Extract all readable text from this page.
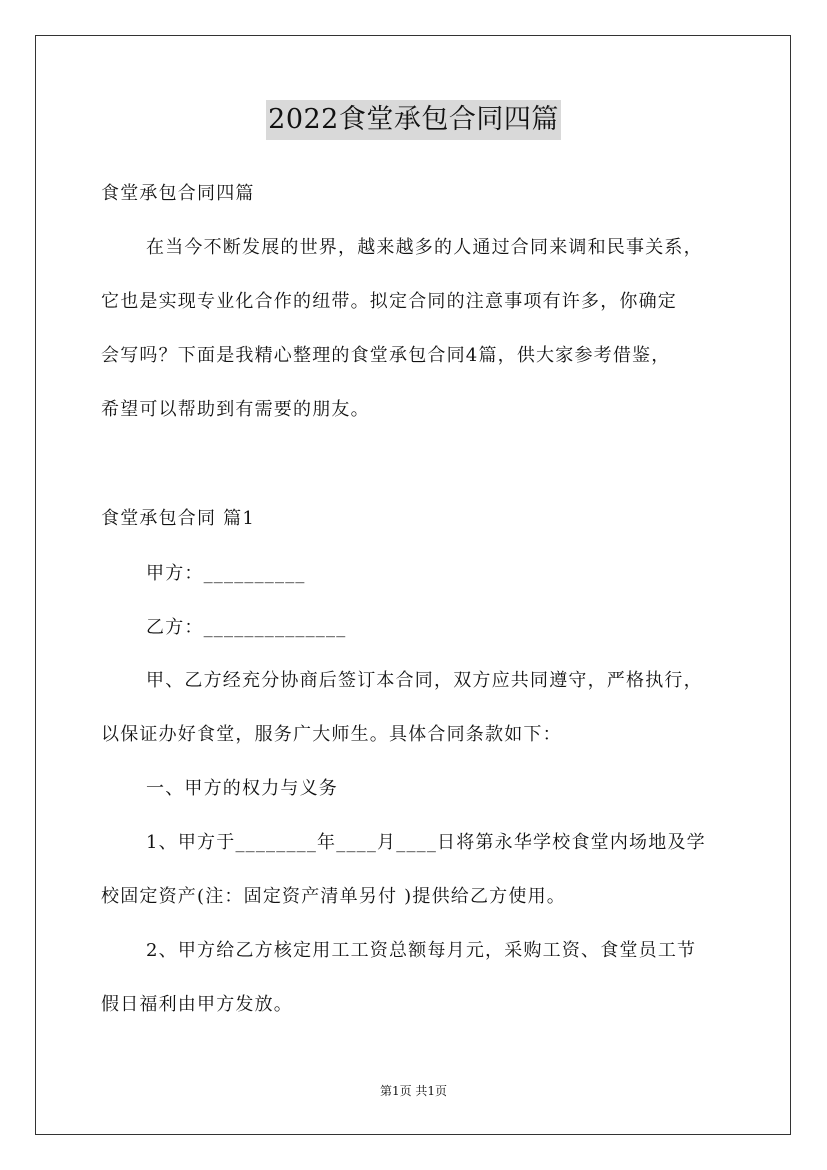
2022食堂承包合同四篇
食堂承包合同四篇
在当今不断发展的世界，越来越多的人通过合同来调和民事关系，
它也是实现专业化合作的纽带。拟定合同的注意事项有许多，你确定
会写吗？下面是我精心整理的食堂承包合同4篇，供大家参考借鉴，
希望可以帮助到有需要的朋友。
食堂承包合同 篇1
甲方：__________
乙方：______________
甲、乙方经充分协商后签订本合同，双方应共同遵守，严格执行，
以保证办好食堂，服务广大师生。具体合同条款如下：
一、甲方的权力与义务
1、甲方于________年____月____日将第永华学校食堂内场地及学
校固定资产(注：固定资产清单另付 )提供给乙方使用。
2、甲方给乙方核定用工工资总额每月元，采购工资、食堂员工节
假日福利由甲方发放。
第1页 共1页
